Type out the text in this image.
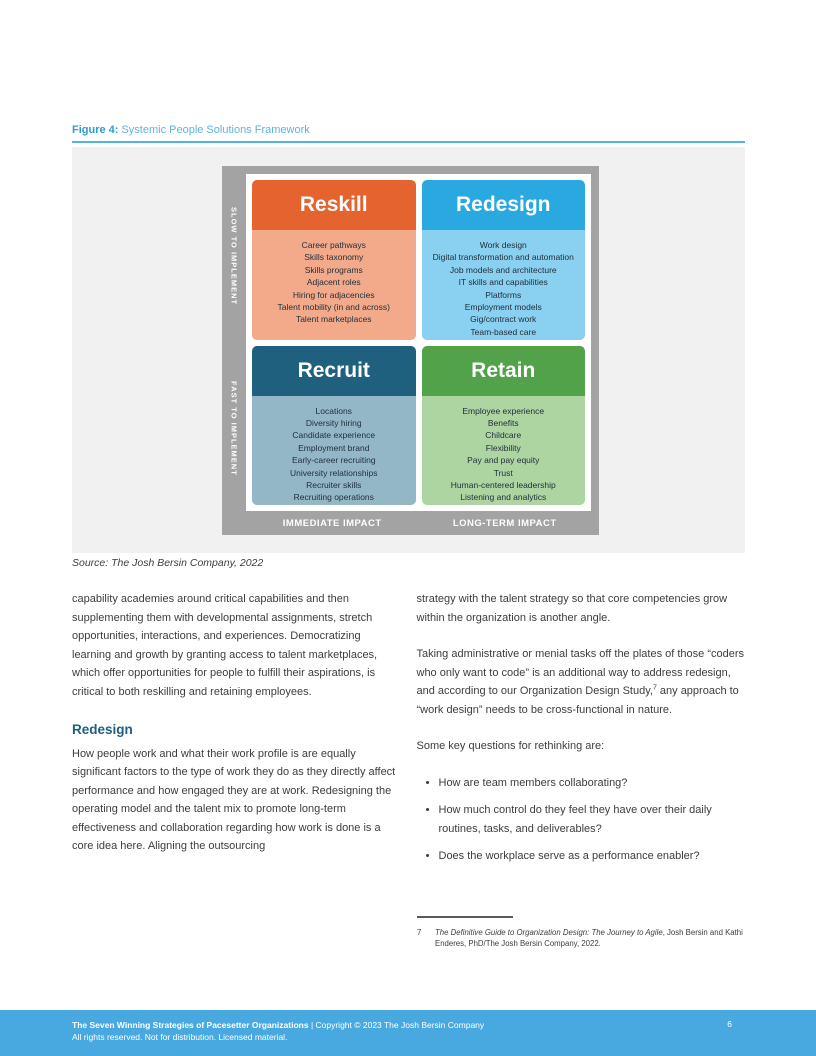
Figure 4: Systemic People Solutions Framework
SLOW TO IMPLEMENT
FAST TO IMPLEMENT
Reskill
Career pathways
Skills taxonomy
Skills programs
Adjacent roles
Hiring for adjacencies
Talent mobility (in and across)
Talent marketplaces
Redesign
Work design
Digital transformation and automation
Job models and architecture
IT skills and capabilities
Platforms
Employment models
Gig/contract work
Team-based care
Recruit
Locations
Diversity hiring
Candidate experience
Employment brand
Early-career recruiting
University relationships
Recruiter skills
Recruiting operations
Retain
Employee experience
Benefits
Childcare
Flexibility
Pay and pay equity
Trust
Human-centered leadership
Listening and analytics
IMMEDIATE IMPACT	LONG-TERM IMPACT
Source: The Josh Bersin Company, 2022

capability academies around critical capabilities and then supplementing them with developmental assignments, stretch opportunities, interactions, and experiences. Democratizing learning and growth by granting access to talent marketplaces, which offer opportunities for people to fulfill their aspirations, is critical to both reskilling and retaining employees.

Redesign

How people work and what their work profile is are equally significant factors to the type of work they do as they directly affect performance and how engaged they are at work. Redesigning the operating model and the talent mix to promote long-term effectiveness and collaboration regarding how work is done is a core idea here. Aligning the outsourcing

strategy with the talent strategy so that core competencies grow within the organization is another angle.

Taking administrative or menial tasks off the plates of those “coders who only want to code” is an additional way to address redesign, and according to our Organization Design Study,$^7$ any approach to “work design” needs to be cross-functional in nature.

Some key questions for rethinking are:

• How are team members collaborating?
• How much control do they feel they have over their daily routines, tasks, and deliverables?
• Does the workplace serve as a performance enabler?
7	The Definitive Guide to Organization Design: The Journey to Agile, Josh Bersin and Kathi Enderes, PhD/The Josh Bersin Company, 2022.
The Seven Winning Strategies of Pacesetter Organizations | Copyright © 2023 The Josh Bersin Company
All rights reserved. Not for distribution. Licensed material.
6
